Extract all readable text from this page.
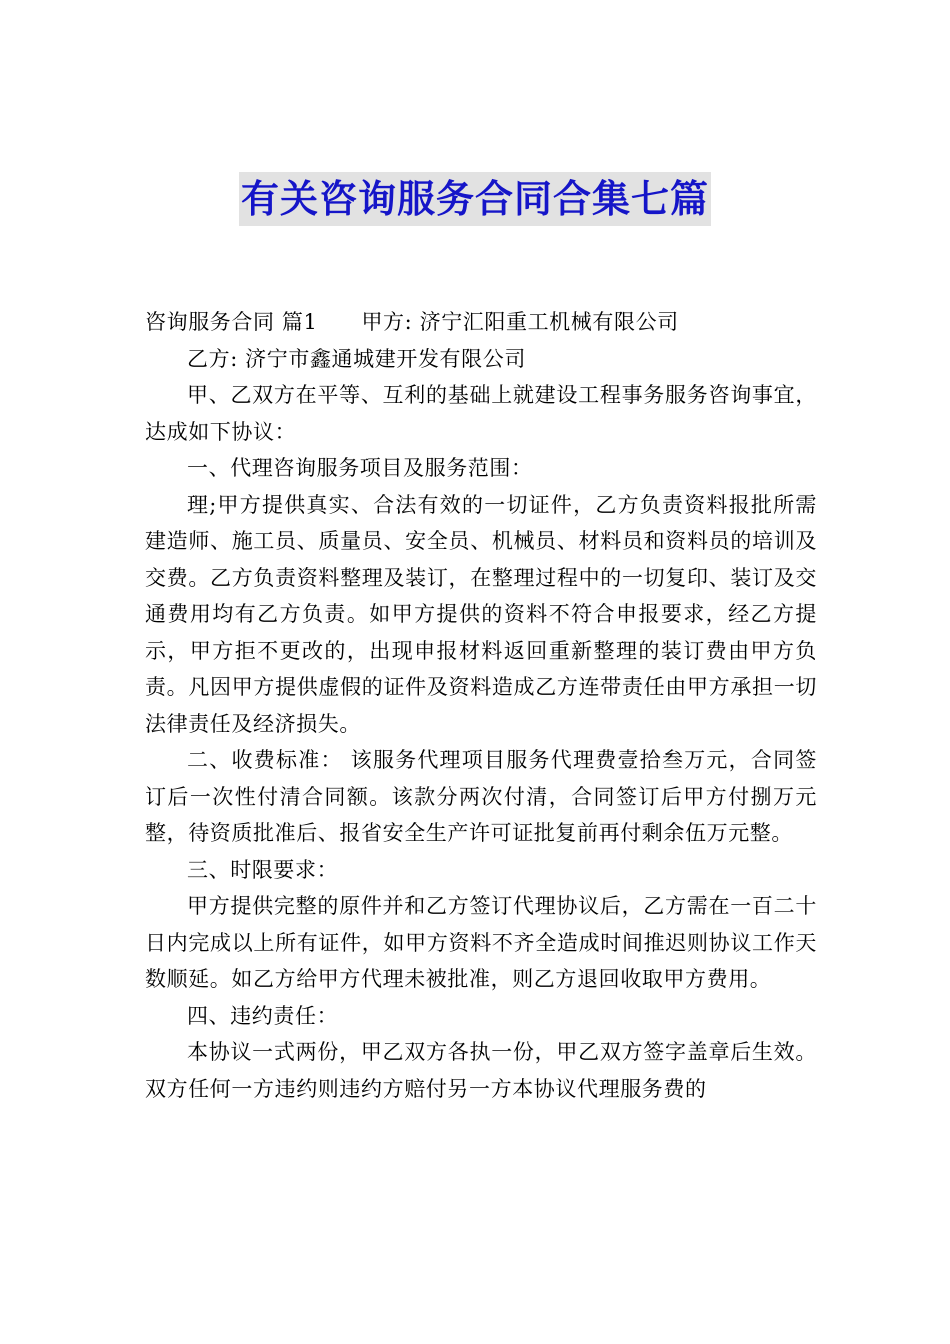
有关咨询服务合同合集七篇

咨询服务合同 篇1 甲方: 济宁汇阳重工机械有限公司

乙方: 济宁市鑫通城建开发有限公司

甲、乙双方在平等、互利的基础上就建设工程事务服务咨询事宜，达成如下协议：

一、代理咨询服务项目及服务范围：

理;甲方提供真实、合法有效的一切证件，乙方负责资料报批所需建造师、施工员、质量员、安全员、机械员、材料员和资料员的培训及交费。乙方负责资料整理及装订，在整理过程中的一切复印、装订及交通费用均有乙方负责。如甲方提供的资料不符合申报要求，经乙方提示，甲方拒不更改的，出现申报材料返回重新整理的装订费由甲方负责。凡因甲方提供虚假的证件及资料造成乙方连带责任由甲方承担一切法律责任及经济损失。

二、收费标准： 该服务代理项目服务代理费壹拾叁万元，合同签订后一次性付清合同额。该款分两次付清，合同签订后甲方付捌万元整，待资质批准后、报省安全生产许可证批复前再付剩余伍万元整。

三、时限要求：

甲方提供完整的原件并和乙方签订代理协议后，乙方需在一百二十日内完成以上所有证件，如甲方资料不齐全造成时间推迟则协议工作天数顺延。如乙方给甲方代理未被批准，则乙方退回收取甲方费用。

四、违约责任：

本协议一式两份，甲乙双方各执一份，甲乙双方签字盖章后生效。双方任何一方违约则违约方赔付另一方本协议代理服务费的
